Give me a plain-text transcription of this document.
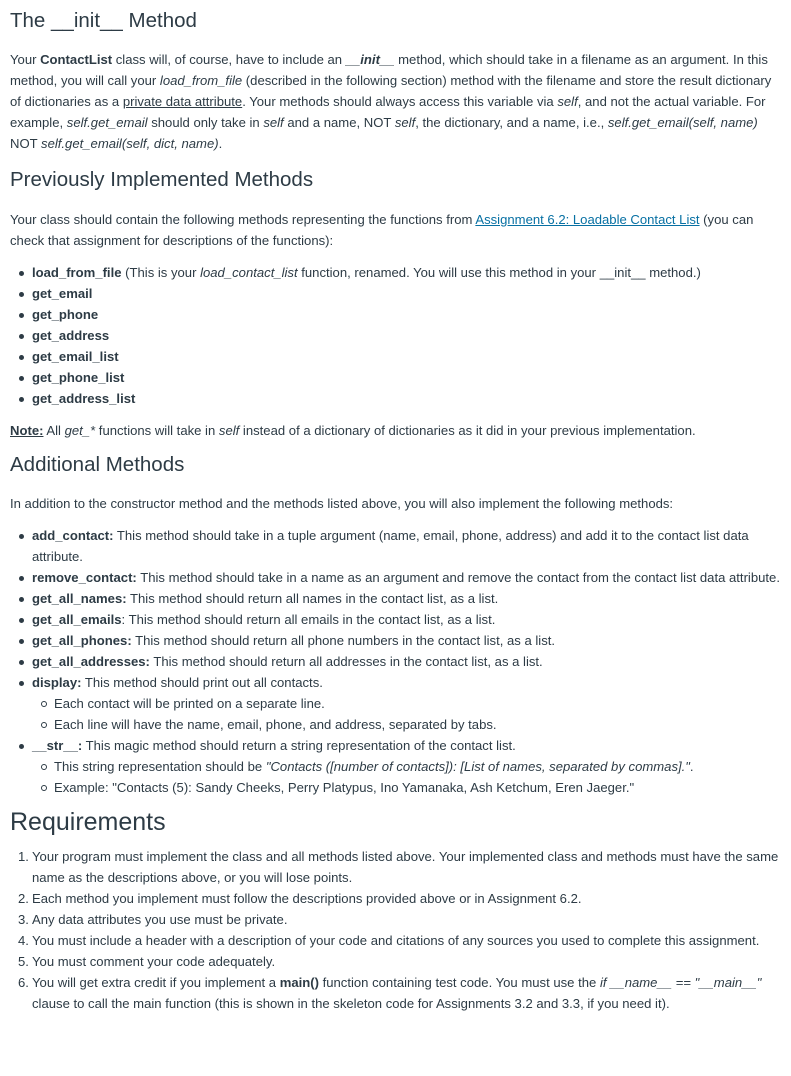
The __init__ Method

Your ContactList class will, of course, have to include an __init__ method, which should take in a filename as an argument. In this method, you will call your load_from_file (described in the following section) method with the filename and store the result dictionary of dictionaries as a private data attribute. Your methods should always access this variable via self, and not the actual variable. For example, self.get_email should only take in self and a name, NOT self, the dictionary, and a name, i.e., self.get_email(self, name) NOT self.get_email(self, dict, name).

Previously Implemented Methods

Your class should contain the following methods representing the functions from Assignment 6.2: Loadable Contact List (you can check that assignment for descriptions of the functions):

load_from_file (This is your load_contact_list function, renamed. You will use this method in your __init__ method.)
get_email
get_phone
get_address
get_email_list
get_phone_list
get_address_list

Note: All get_* functions will take in self instead of a dictionary of dictionaries as it did in your previous implementation.

Additional Methods

In addition to the constructor method and the methods listed above, you will also implement the following methods:

add_contact: This method should take in a tuple argument (name, email, phone, address) and add it to the contact list data attribute.
remove_contact: This method should take in a name as an argument and remove the contact from the contact list data attribute.
get_all_names: This method should return all names in the contact list, as a list.
get_all_emails: This method should return all emails in the contact list, as a list.
get_all_phones: This method should return all phone numbers in the contact list, as a list.
get_all_addresses: This method should return all addresses in the contact list, as a list.
display: This method should print out all contacts.
Each contact will be printed on a separate line.
Each line will have the name, email, phone, and address, separated by tabs.
__str__: This magic method should return a string representation of the contact list.
This string representation should be "Contacts ([number of contacts]): [List of names, separated by commas].".
Example: "Contacts (5): Sandy Cheeks, Perry Platypus, Ino Yamanaka, Ash Ketchum, Eren Jaeger."
Requirements
1. Your program must implement the class and all methods listed above. Your implemented class and methods must have the same name as the descriptions above, or you will lose points.
2. Each method you implement must follow the descriptions provided above or in Assignment 6.2.
3. Any data attributes you use must be private.
4. You must include a header with a description of your code and citations of any sources you used to complete this assignment.
5. You must comment your code adequately.
6. You will get extra credit if you implement a main() function containing test code. You must use the if __name__ == "__main__" clause to call the main function (this is shown in the skeleton code for Assignments 3.2 and 3.3, if you need it).
